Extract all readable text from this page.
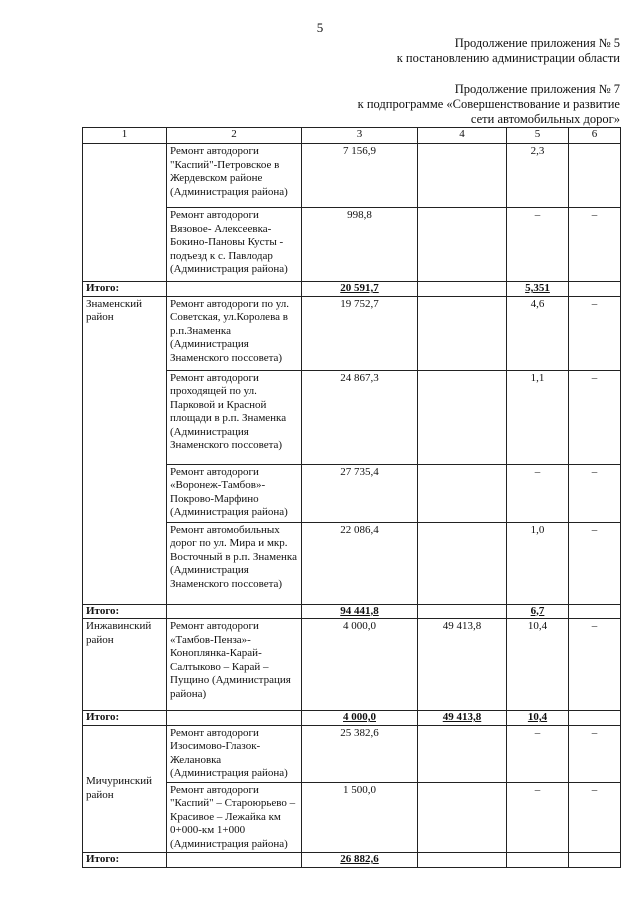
5
Продолжение приложения № 5
к постановлению администрации области
Продолжение приложения № 7
к подпрограмме «Совершенствование и развитие
сети автомобильных дорог»
1	2	3	4	5	6
	Ремонт автодороги "Каспий"-Петровское в Жердевском районе (Администрация района)	7 156,9		2,3	
	Ремонт автодороги Вязовое- Алексеевка-Бокино-Пановы Кусты - подъезд к с. Павлодар (Администрация района)	998,8		–	–
Итого:		20 591,7		5,351	
Знаменский район	Ремонт автодороги по ул. Советская, ул.Королева в р.п.Знаменка (Администрация Знаменского поссовета)	19 752,7		4,6	–
	Ремонт автодороги проходящей по ул. Парковой и Красной площади в р.п. Знаменка (Администрация Знаменского поссовета)	24 867,3		1,1	–
	Ремонт автодороги «Воронеж-Тамбов»-Покрово-Марфино (Администрация района)	27 735,4		–	–
	Ремонт автомобильных дорог по ул. Мира и мкр. Восточный в р.п. Знаменка (Администрация Знаменского поссовета)	22 086,4		1,0	–
Итого:		94 441,8		6,7	
Инжавинский район	Ремонт автодороги «Тамбов-Пенза»-Коноплянка-Карай-Салтыково – Карай – Пущино (Администрация района)	4 000,0	49 413,8	10,4	–
Итого:		4 000,0	49 413,8	10,4	
Мичуринский район	Ремонт автодороги Изосимово-Глазок-Желановка (Администрация района)	25 382,6		–	–
	Ремонт автодороги "Каспий" – Староюрьево – Красивое – Лежайка км 0+000-км 1+000 (Администрация района)	1 500,0		–	–
Итого:		26 882,6			
